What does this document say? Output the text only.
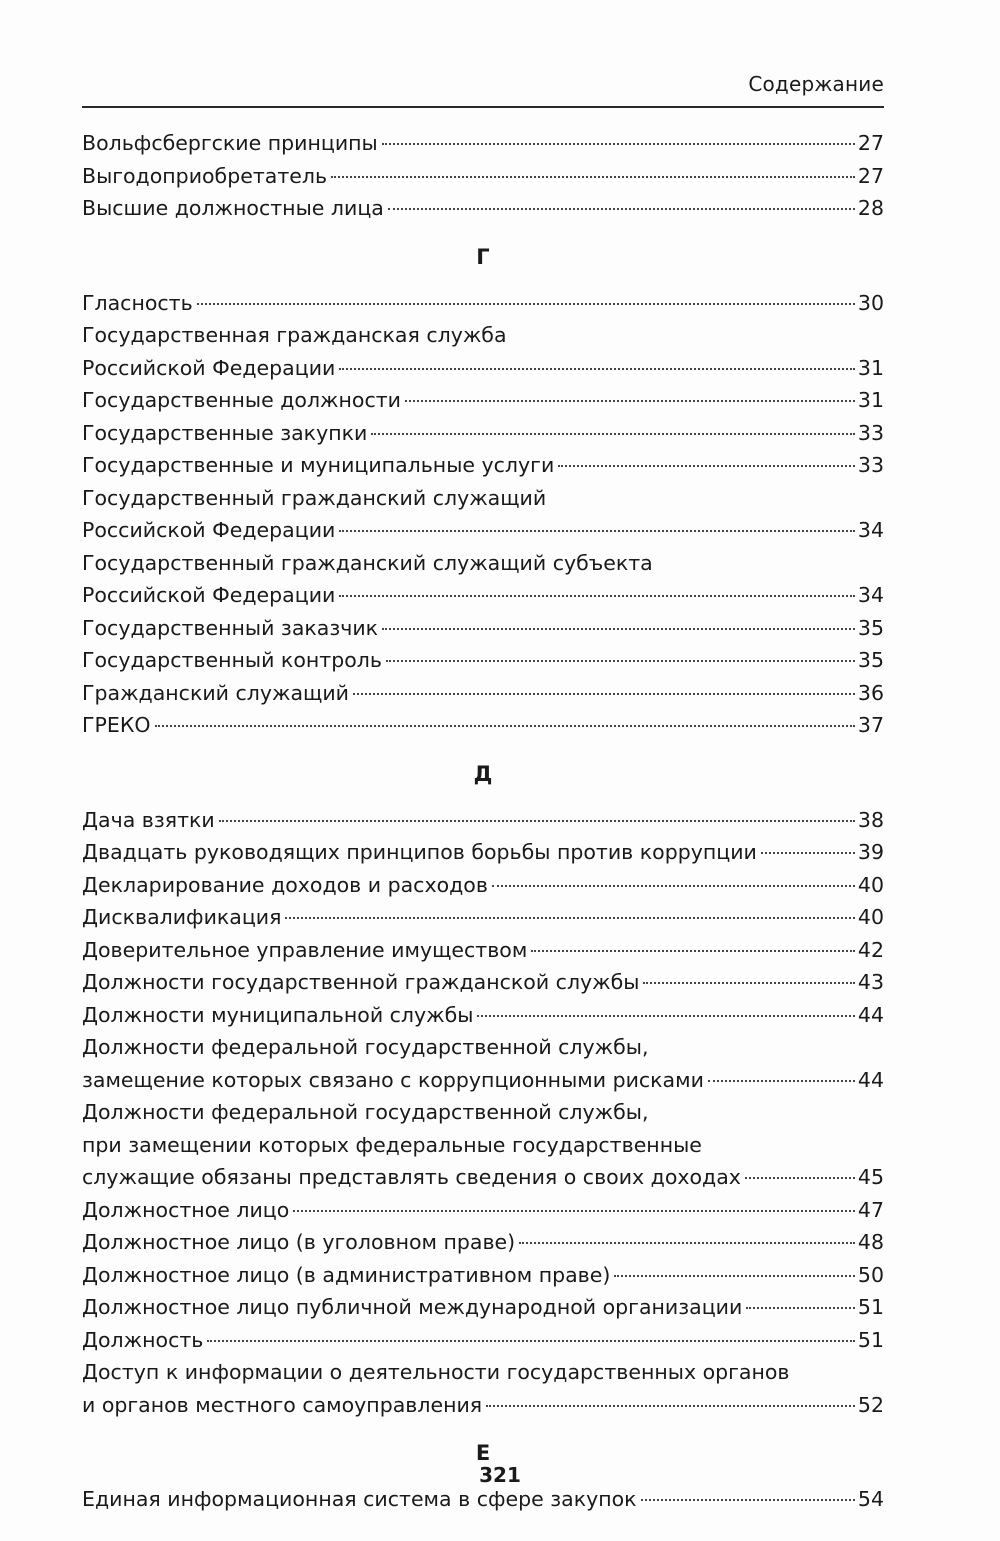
Содержание
Вольфсбергские принципы	27
Выгодоприобретатель	27
Высшие должностные лица	28
Г
Гласность	30
Государственная гражданская служба
Российской Федерации	31
Государственные должности	31
Государственные закупки	33
Государственные и муниципальные услуги	33
Государственный гражданский служащий
Российской Федерации	34
Государственный гражданский служащий субъекта
Российской Федерации	34
Государственный заказчик	35
Государственный контроль	35
Гражданский служащий	36
ГРЕКО	37
Д
Дача взятки	38
Двадцать руководящих принципов борьбы против коррупции	39
Декларирование доходов и расходов	40
Дисквалификация	40
Доверительное управление имуществом	42
Должности государственной гражданской службы	43
Должности муниципальной службы	44
Должности федеральной государственной службы,
замещение которых связано с коррупционными рисками	44
Должности федеральной государственной службы,
при замещении которых федеральные государственные
служащие обязаны представлять сведения о своих доходах	45
Должностное лицо	47
Должностное лицо (в уголовном праве)	48
Должностное лицо (в административном праве)	50
Должностное лицо публичной международной организации	51
Должность	51
Доступ к информации о деятельности государственных органов
и органов местного самоуправления	52
Е
Единая информационная система в сфере закупок	54
321
